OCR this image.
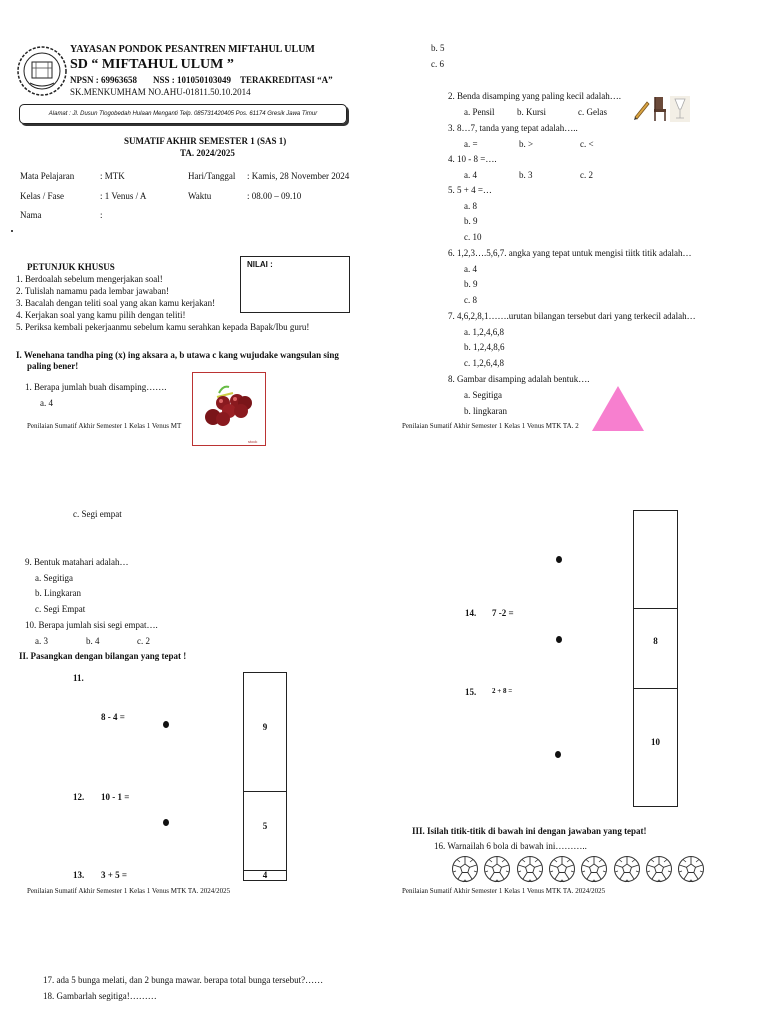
YAYASAN PONDOK PESANTREN MIFTAHUL ULUM
SD “ MIFTAHUL ULUM ”
NPSN : 69963658 NSS : 101050103049 TERAKREDITASI “A”
SK.MENKUMHAM NO.AHU-01811.50.10.2014
Alamat : Jl. Dusun Tlogobedah Hulaan Menganti Telp. 085731420405 Pos. 61174 Gresik Jawa Timur
SUMATIF AKHIR SEMESTER 1 (SAS 1)
TA. 2024/2025
Mata Pelajaran	: MTK	Hari/Tanggal : Kamis, 28 November 2024
Kelas / Fase	: 1 Venus / A	Waktu	: 08.00 – 09.10
Nama	:
PETUNJUK KHUSUS	NILAI :
1. Berdoalah sebelum mengerjakan soal!
2. Tulislah namamu pada lembar jawaban!
3. Bacalah dengan teliti soal yang akan kamu kerjakan!
4. Kerjakan soal yang kamu pilih dengan teliti!
5. Periksa kembali pekerjaanmu sebelum kamu serahkan kepada Bapak/Ibu guru!
I. Wenehana tandha ping (x) ing aksara a, b utawa c kang wujudake wangsulan sing
paling bener!
1. Berapa jumlah buah disamping…….
a. 4
stock
Penilaian Sumatif Akhir Semester 1 Kelas 1 Venus MT
b. 5
c. 6
2. Benda disamping yang paling kecil adalah….
a. Pensil	b. Kursi	c. Gelas
3. 8…7, tanda yang tepat adalah…..
a. =	b. >	c. <
4. 10 - 8 =….
a. 4	b. 3	c. 2
5. 5 + 4 =…
a. 8
b. 9
c. 10
6. 1,2,3….5,6,7. angka yang tepat untuk mengisi tiitk titik adalah…
a. 4
b. 9
c. 8
7. 4,6,2,8,1…….urutan bilangan tersebut dari yang terkecil adalah…
a. 1,2,4,6,8
b. 1,2,4,8,6
c. 1,2,6,4,8
8. Gambar disamping adalah bentuk….
a. Segitiga
b. lingkaran
Penilaian Sumatif Akhir Semester 1 Kelas 1 Venus MTK TA. 2
c. Segi empat
9. Bentuk matahari adalah…
a. Segitiga
b. Lingkaran
c. Segi Empat
10. Berapa jumlah sisi segi empat….
a. 3	b. 4	c. 2
II. Pasangkan dengan bilangan yang tepat !
11.
8 - 4 =
12. 10 - 1 =
13. 3 + 5 =
9
5
4
Penilaian Sumatif Akhir Semester 1 Kelas 1 Venus MTK TA. 2024/2025
8
10
14. 7 -2 =
15. 2 + 8 =
III. Isilah titik-titik di bawah ini dengan jawaban yang tepat!
16. Warnailah 6 bola di bawah ini………..
Penilaian Sumatif Akhir Semester 1 Kelas 1 Venus MTK TA. 2024/2025
17. ada 5 bunga melati, dan 2 bunga mawar. berapa total bunga tersebut?……
18. Gambarlah segitiga!………
